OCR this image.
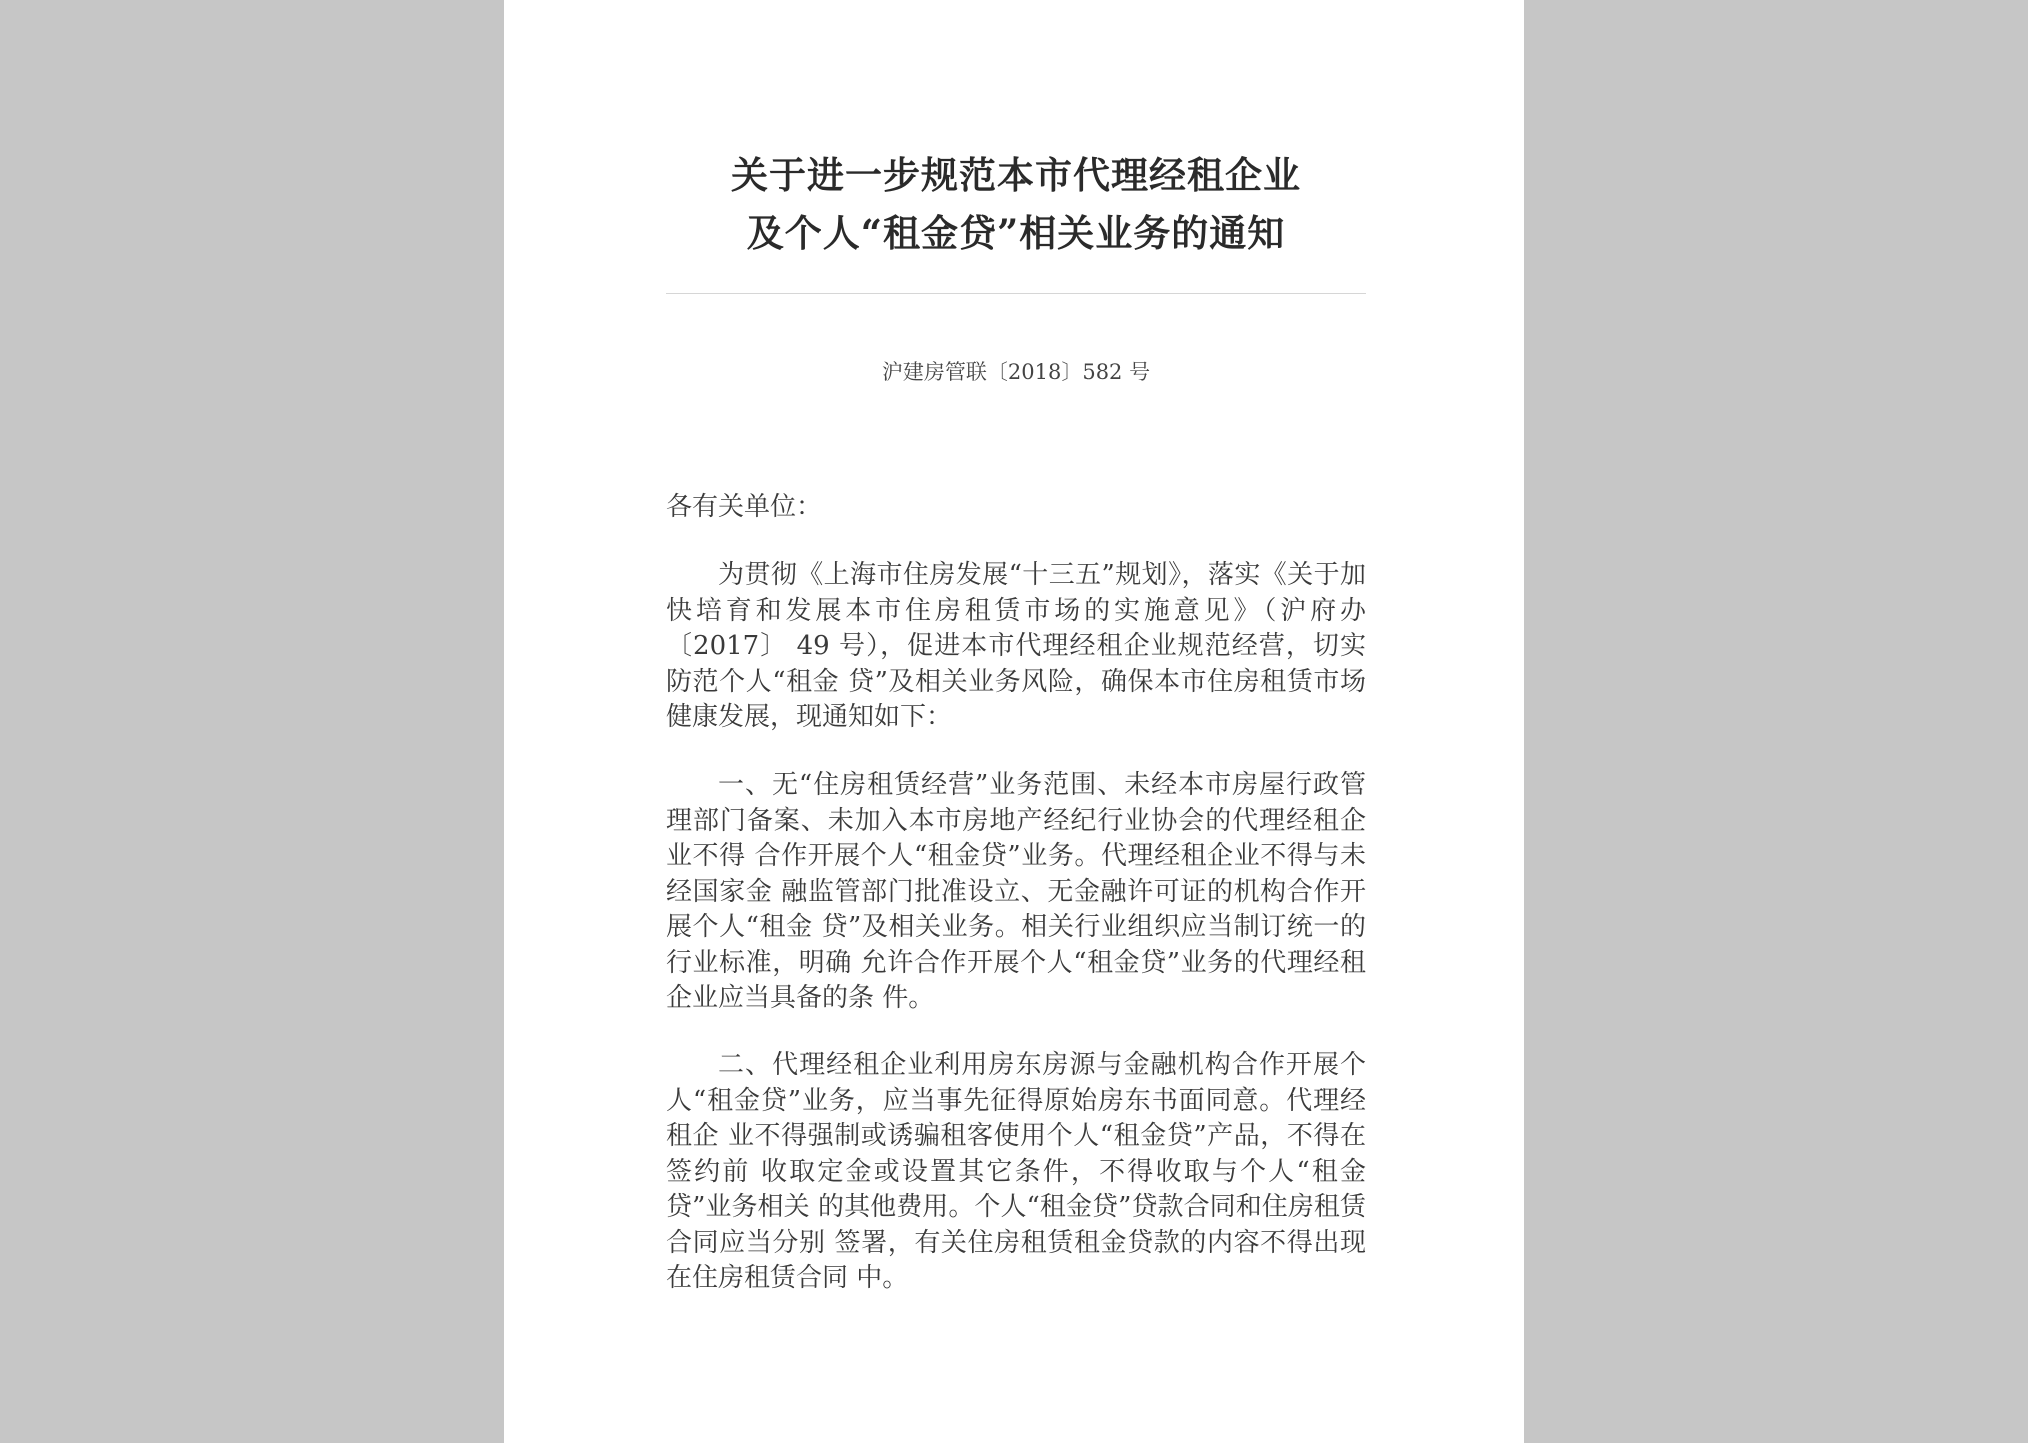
关于进一步规范本市代理经租企业
及个人“租金贷”相关业务的通知
沪建房管联〔2018〕582 号
各有关单位：

为贯彻《上海市住房发展“十三五”规划》，落实《关于加 快培育和发展本市住房租赁市场的实施意见》（沪府办〔2017〕 49 号），促进本市代理经租企业规范经营，切实防范个人“租金 贷”及相关业务风险，确保本市住房租赁市场健康发展，现通知如下：

一、无“住房租赁经营”业务范围、未经本市房屋行政管理部门备案、未加入本市房地产经纪行业协会的代理经租企业不得 合作开展个人“租金贷”业务。代理经租企业不得与未经国家金 融监管部门批准设立、无金融许可证的机构合作开展个人“租金 贷”及相关业务。相关行业组织应当制订统一的行业标准，明确 允许合作开展个人“租金贷”业务的代理经租企业应当具备的条 件。

二、代理经租企业利用房东房源与金融机构合作开展个人“租金贷”业务，应当事先征得原始房东书面同意。代理经租企 业不得强制或诱骗租客使用个人“租金贷”产品，不得在签约前 收取定金或设置其它条件，不得收取与个人“租金贷”业务相关 的其他费用。个人“租金贷”贷款合同和住房租赁合同应当分别 签署，有关住房租赁租金贷款的内容不得出现在住房租赁合同 中。
